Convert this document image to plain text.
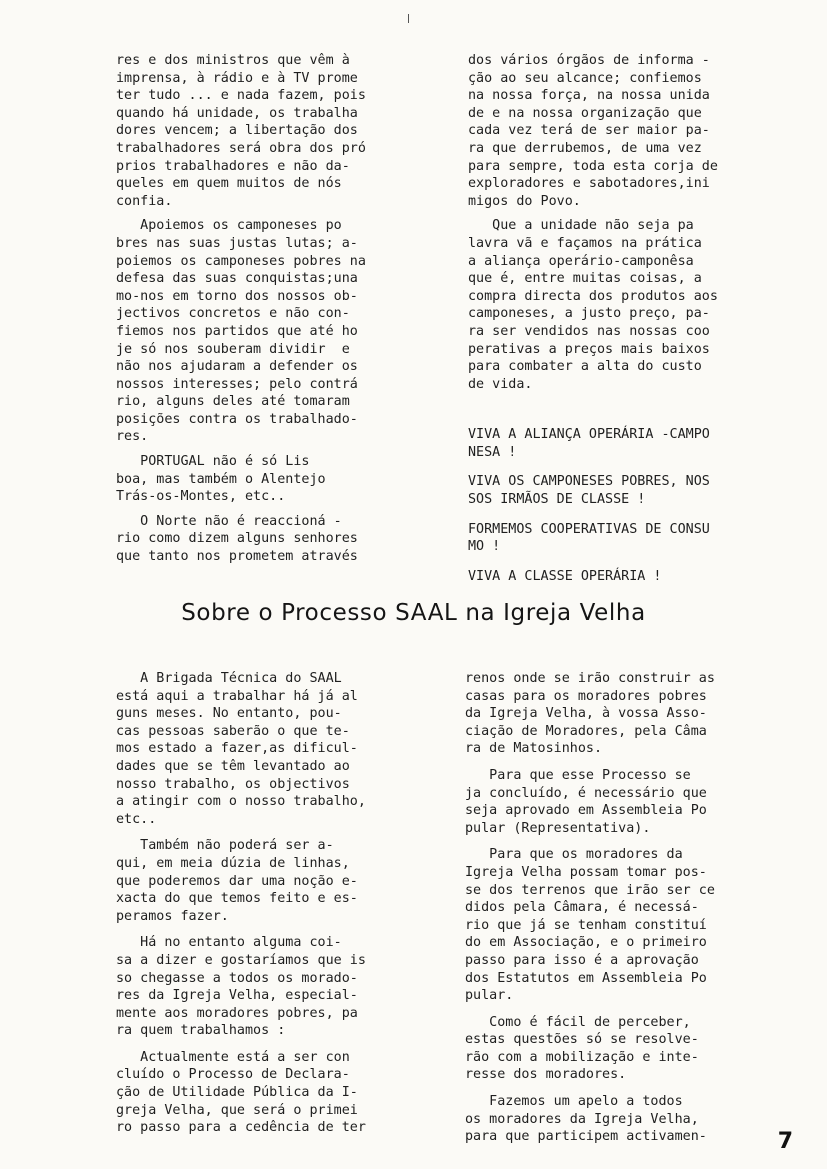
res e dos ministros que vêm à
imprensa, à rádio e à TV prome
ter tudo ... e nada fazem, pois
quando há unidade, os trabalha
dores vencem; a libertação dos
trabalhadores será obra dos pró
prios trabalhadores e não da-
queles em quem muitos de nós
confia.

Apoiemos os camponeses po
bres nas suas justas lutas; a-
poiemos os camponeses pobres na
defesa das suas conquistas;una
mo-nos em torno dos nossos ob-
jectivos concretos e não con-
fiemos nos partidos que até ho
je só nos souberam dividir  e
não nos ajudaram a defender os
nossos interesses; pelo contrá
rio, alguns deles até tomaram
posições contra os trabalhado-
res.

PORTUGAL não é só Lis
boa, mas também o Alentejo
Trás-os-Montes, etc..

O Norte não é reaccioná -
rio como dizem alguns senhores
que tanto nos prometem através

dos vários órgãos de informa -
ção ao seu alcance; confiemos
na nossa força, na nossa unida
de e na nossa organização que
cada vez terá de ser maior pa-
ra que derrubemos, de uma vez
para sempre, toda esta corja de
exploradores e sabotadores,ini
migos do Povo.

Que a unidade não seja pa
lavra vã e façamos na prática
a aliança operário-camponêsa
que é, entre muitas coisas, a
compra directa dos produtos aos
camponeses, a justo preço, pa-
ra ser vendidos nas nossas coo
perativas a preços mais baixos
para combater a alta do custo
de vida.

VIVA A ALIANÇA OPERÁRIA -CAMPO
NESA !

VIVA OS CAMPONESES POBRES, NOS
SOS IRMÃOS DE CLASSE !

FORMEMOS COOPERATIVAS DE CONSU
MO !

VIVA A CLASSE OPERÁRIA !

Sobre o Processo SAAL na Igreja Velha

A Brigada Técnica do SAAL
está aqui a trabalhar há já al
guns meses. No entanto, pou-
cas pessoas saberão o que te-
mos estado a fazer,as dificul-
dades que se têm levantado ao
nosso trabalho, os objectivos
a atingir com o nosso trabalho,
etc..

Também não poderá ser a-
qui, em meia dúzia de linhas,
que poderemos dar uma noção e-
xacta do que temos feito e es-
peramos fazer.

Há no entanto alguma coi-
sa a dizer e gostaríamos que is
so chegasse a todos os morado-
res da Igreja Velha, especial-
mente aos moradores pobres, pa
ra quem trabalhamos :

Actualmente está a ser con
cluído o Processo de Declara-
ção de Utilidade Pública da I-
greja Velha, que será o primei
ro passo para a cedência de ter

renos onde se irão construir as
casas para os moradores pobres
da Igreja Velha, à vossa Asso-
ciação de Moradores, pela Câma
ra de Matosinhos.

Para que esse Processo se
ja concluído, é necessário que
seja aprovado em Assembleia Po
pular (Representativa).

Para que os moradores da
Igreja Velha possam tomar pos-
se dos terrenos que irão ser ce
didos pela Câmara, é necessá-
rio que já se tenham constituí
do em Associação, e o primeiro
passo para isso é a aprovação
dos Estatutos em Assembleia Po
pular.

Como é fácil de perceber,
estas questões só se resolve-
rão com a mobilização e inte-
resse dos moradores.

Fazemos um apelo a todos
os moradores da Igreja Velha,
para que participem activamen-	7
